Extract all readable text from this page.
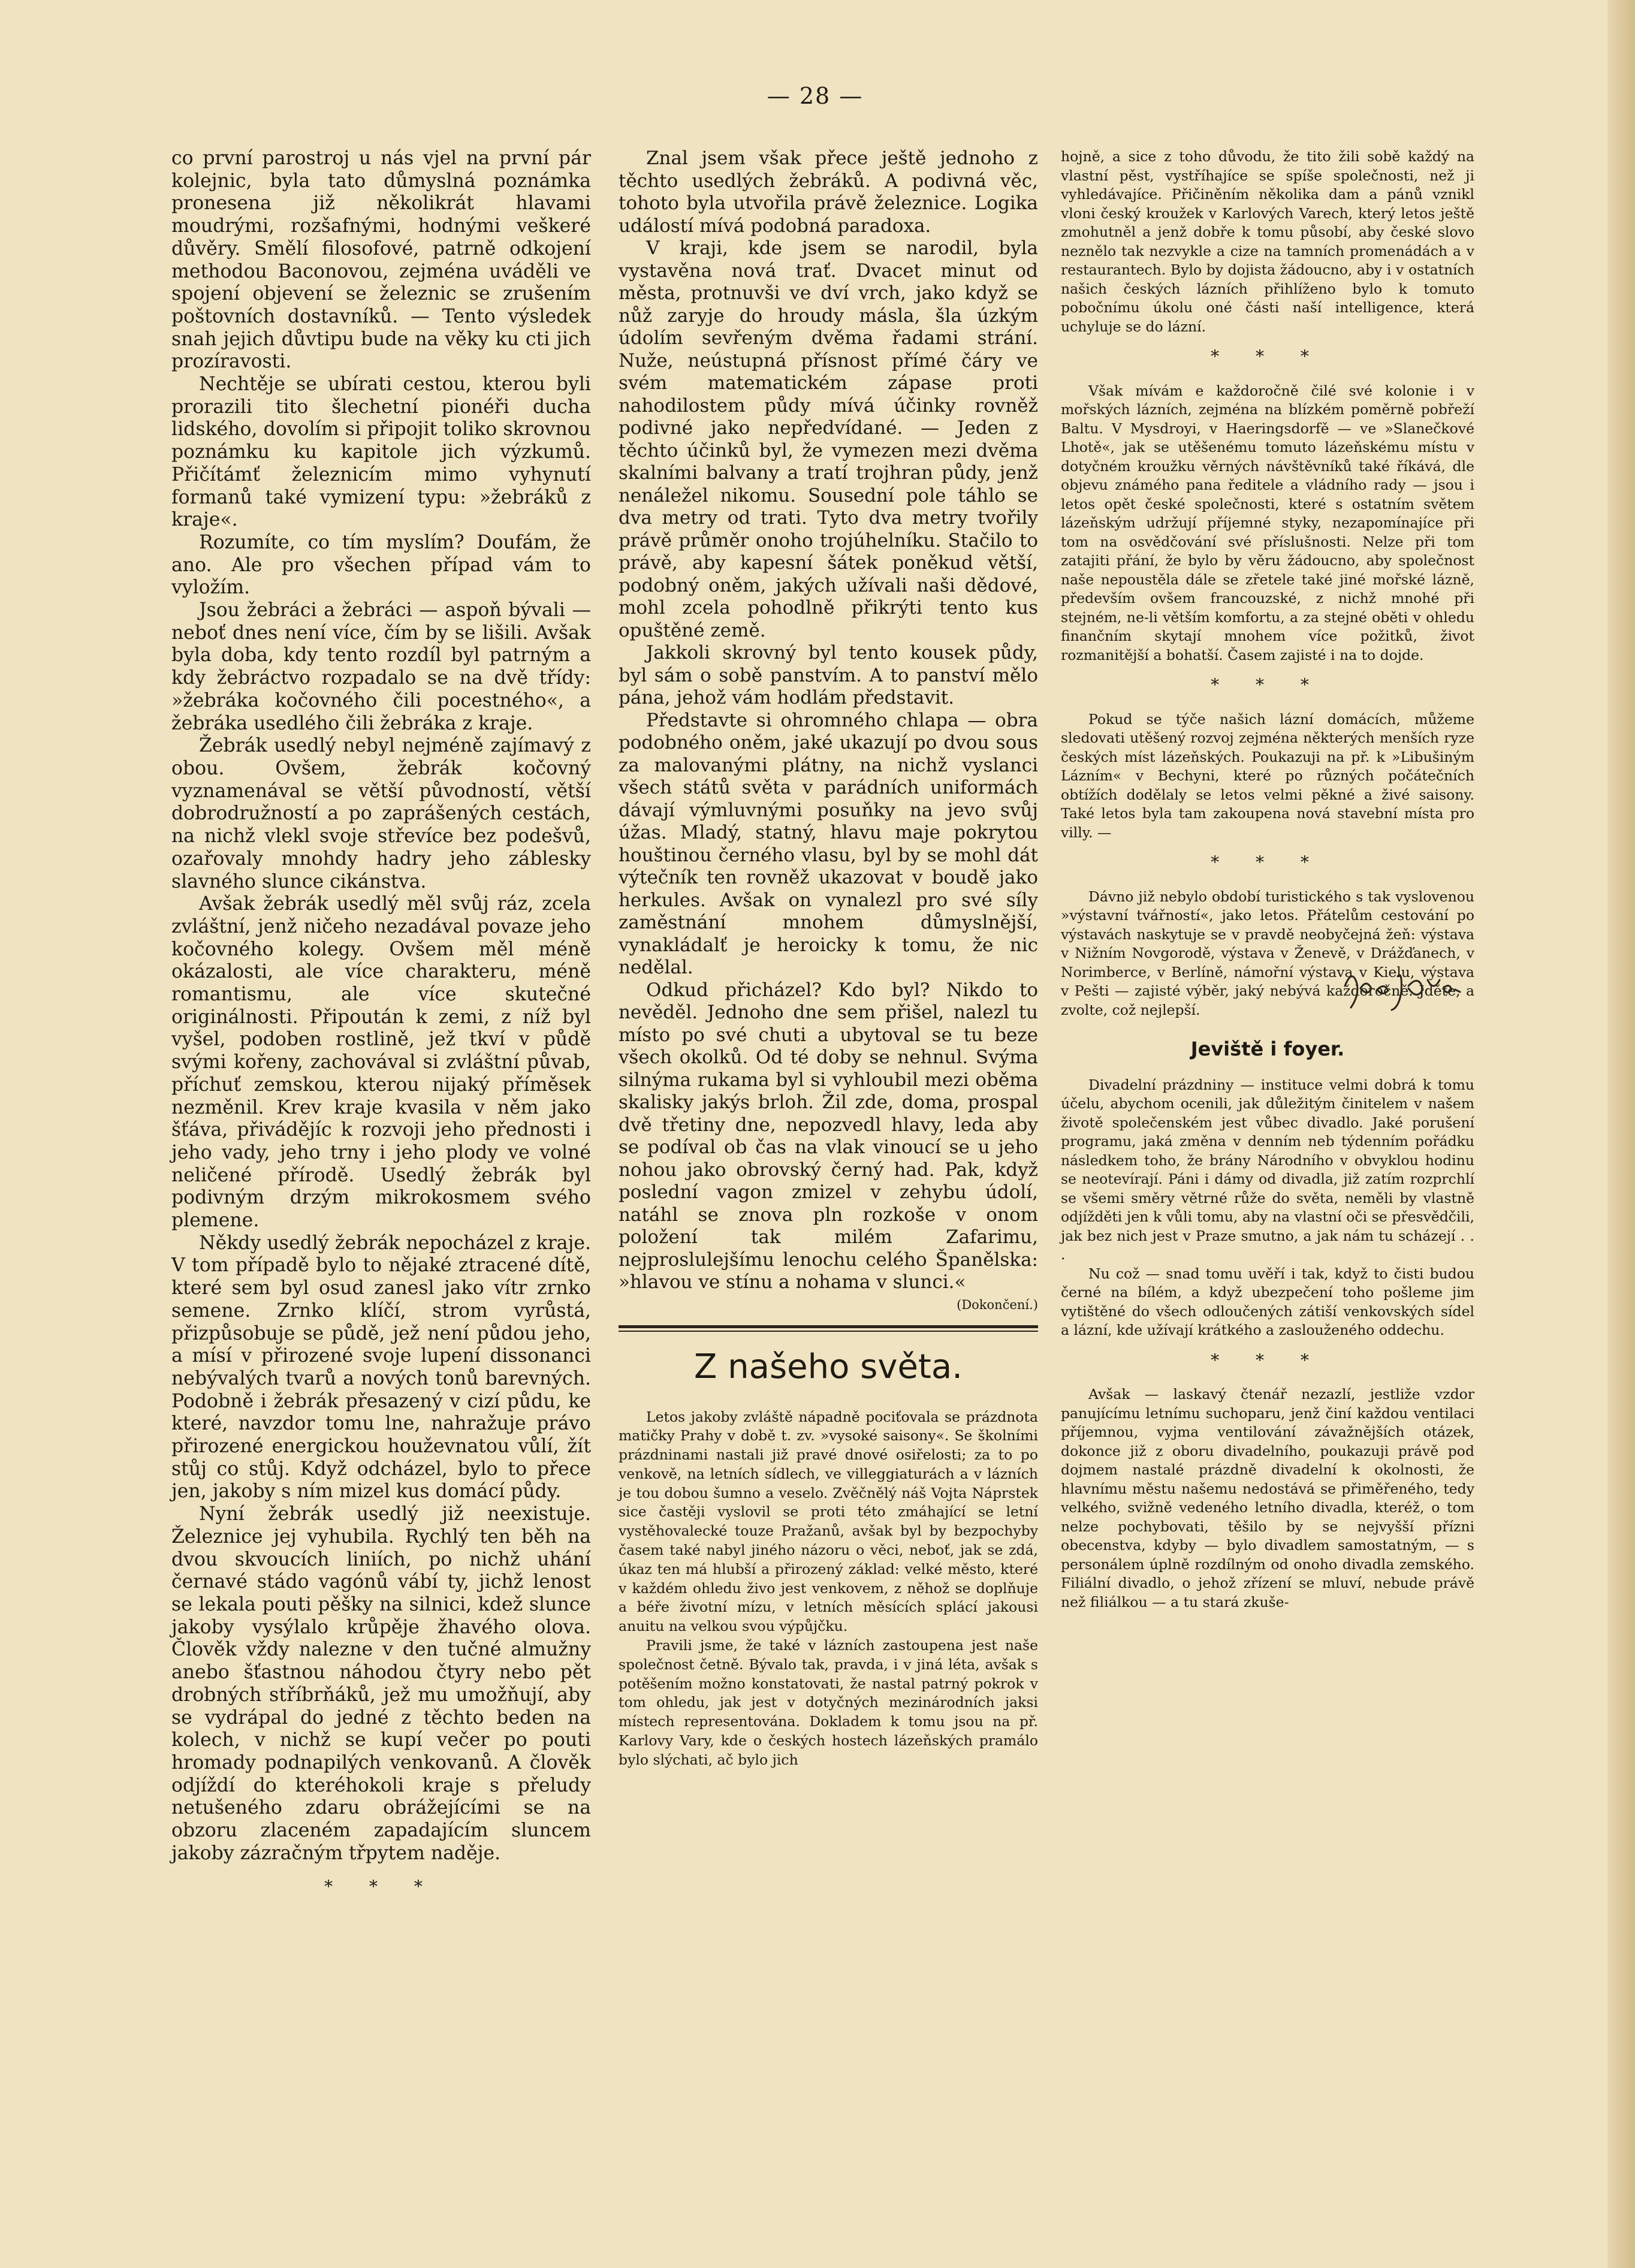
— 28 —

co první parostroj u nás vjel na první pár kolejnic, byla tato důmyslná poznámka pronesena již několikrát hlavami moudrými, rozšafnými, hodnými veškeré důvěry. Smělí filosofové, patrně odkojení methodou Baconovou, zejména uváděli ve spojení objevení se železnic se zrušením poštovních dostavníků. — Tento výsledek snah jejich důvtipu bude na věky ku cti jich prozíravosti.

Nechtěje se ubírati cestou, kterou byli prorazili tito šlechetní pionéři ducha lidského, dovolím si připojit toliko skrovnou poznámku ku kapitole jich výzkumů. Přičítámť železnicím mimo vyhynutí formanů také vymizení typu: »žebráků z kraje«.

Rozumíte, co tím myslím? Doufám, že ano. Ale pro všechen případ vám to vyložím.

Jsou žebráci a žebráci — aspoň bývali — neboť dnes není více, čím by se lišili. Avšak byla doba, kdy tento rozdíl byl patrným a kdy žebráctvo rozpadalo se na dvě třídy: »žebráka kočovného čili pocestného«, a žebráka usedlého čili žebráka z kraje.

Žebrák usedlý nebyl nejméně zajímavý z obou. Ovšem, žebrák kočovný vyznamenával se větší původností, větší dobrodružností a po zaprášených cestách, na nichž vlekl svoje střevíce bez podešvů, ozařovaly mnohdy hadry jeho záblesky slavného slunce cikánstva.

Avšak žebrák usedlý měl svůj ráz, zcela zvláštní, jenž ničeho nezadával povaze jeho kočovného kolegy. Ovšem měl méně okázalosti, ale více charakteru, méně romantismu, ale více skutečné originálnosti. Připoután k zemi, z níž byl vyšel, podoben rostlině, jež tkví v půdě svými kořeny, zachovával si zvláštní půvab, příchuť zemskou, kterou nijaký příměsek nezměnil. Krev kraje kvasila v něm jako šťáva, přivádějíc k rozvoji jeho přednosti i jeho vady, jeho trny i jeho plody ve volné neličené přírodě. Usedlý žebrák byl podivným drzým mikrokosmem svého plemene.

Někdy usedlý žebrák nepocházel z kraje. V tom případě bylo to nějaké ztracené dítě, které sem byl osud zanesl jako vítr zrnko semene. Zrnko klíčí, strom vyrůstá, přizpůsobuje se půdě, jež není půdou jeho, a mísí v přirozené svoje lupení dissonanci nebývalých tvarů a nových tonů barevných. Podobně i žebrák přesazený v cizí půdu, ke které, navzdor tomu lne, nahražuje právo přirozené energickou houževnatou vůlí, žít stůj co stůj. Když odcházel, bylo to přece jen, jakoby s ním mizel kus domácí půdy.

Nyní žebrák usedlý již neexistuje. Železnice jej vyhubila. Rychlý ten běh na dvou skvoucích liniích, po nichž uhání černavé stádo vagónů vábí ty, jichž lenost se lekala pouti pěšky na silnici, kdež slunce jakoby vysýlalo krůpěje žhavého olova. Člověk vždy nalezne v den tučné almužny anebo šťastnou náhodou čtyry nebo pět drobných stříbrňáků, jež mu umožňují, aby se vydrápal do jedné z těchto beden na kolech, v nichž se kupí večer po pouti hromady podnapilých venkovanů. A člověk odjíždí do kteréhokoli kraje s přeludy netušeného zdaru obrážejícími se na obzoru zlaceném zapadajícím sluncem jakoby zázračným třpytem naděje.

* * *

Znal jsem však přece ještě jednoho z těchto usedlých žebráků. A podivná věc, tohoto byla utvořila právě železnice. Logika událostí mívá podobná paradoxa.

V kraji, kde jsem se narodil, byla vystavěna nová trať. Dvacet minut od města, protnuvši ve dví vrch, jako když se nůž zaryje do hroudy másla, šla úzkým údolím sevřeným dvěma řadami strání. Nuže, neústupná přísnost přímé čáry ve svém matematickém zápase proti nahodilostem půdy mívá účinky rovněž podivné jako nepředvídané. — Jeden z těchto účinků byl, že vymezen mezi dvěma skalními balvany a tratí trojhran půdy, jenž nenáležel nikomu. Sousední pole táhlo se dva metry od trati. Tyto dva metry tvořily právě průměr onoho trojúhelníku. Stačilo to právě, aby kapesní šátek poněkud větší, podobný oněm, jakých užívali naši dědové, mohl zcela pohodlně přikrýti tento kus opuštěné země.

Jakkoli skrovný byl tento kousek půdy, byl sám o sobě panstvím. A to panství mělo pána, jehož vám hodlám představit.

Představte si ohromného chlapa — obra podobného oněm, jaké ukazují po dvou sous za malovanými plátny, na nichž vyslanci všech států světa v parádních uniformách dávají výmluvnými posuňky na jevo svůj úžas. Mladý, statný, hlavu maje pokrytou houštinou černého vlasu, byl by se mohl dát výtečník ten rovněž ukazovat v boudě jako herkules. Avšak on vynalezl pro své síly zaměstnání mnohem důmyslnější, vynakládalť je heroicky k tomu, že nic nedělal.

Odkud přicházel? Kdo byl? Nikdo to nevěděl. Jednoho dne sem přišel, nalezl tu místo po své chuti a ubytoval se tu beze všech okolků. Od té doby se nehnul. Svýma silnýma rukama byl si vyhloubil mezi oběma skalisky jakýs brloh. Žil zde, doma, prospal dvě třetiny dne, nepozvedl hlavy, leda aby se podíval ob čas na vlak vinoucí se u jeho nohou jako obrovský černý had. Pak, když poslední vagon zmizel v zehybu údolí, natáhl se znova pln rozkoše v onom položení tak milém Zafarimu, nejproslulejšímu lenochu celého Španělska: »hlavou ve stínu a nohama v slunci.«

(Dokončení.)
Z našeho světa.

Letos jakoby zvláště nápadně pociťovala se prázdnota matičky Prahy v době t. zv. »vysoké saisony«. Se školními prázdninami nastali již pravé dnové osiřelosti; za to po venkově, na letních sídlech, ve villeggiaturách a v lázních je tou dobou šumno a veselo. Zvěčnělý náš Vojta Náprstek sice častěji vyslovil se proti této zmáhající se letní vystěhovalecké touze Pražanů, avšak byl by bezpochyby časem také nabyl jiného názoru o věci, neboť, jak se zdá, úkaz ten má hlubší a přirozený základ: velké město, které v každém ohledu živo jest venkovem, z něhož se doplňuje a béře životní mízu, v letních měsících splácí jakousi anuitu na velkou svou výpůjčku.

Pravili jsme, že také v lázních zastoupena jest naše společnost četně. Bývalo tak, pravda, i v jiná léta, avšak s potěšením možno konstatovati, že nastal patrný pokrok v tom ohledu, jak jest v dotyčných mezinárodních jaksi místech representována. Dokladem k tomu jsou na př. Karlovy Vary, kde o českých hostech lázeňských pramálo bylo slýchati, ač bylo jich

hojně, a sice z toho důvodu, že tito žili sobě každý na vlastní pěst, vystříhajíce se spíše společnosti, než ji vyhledávajíce. Přičiněním několika dam a pánů vznikl vloni český kroužek v Karlových Varech, který letos ještě zmohutněl a jenž dobře k tomu působí, aby české slovo neznělo tak nezvykle a cize na tamních promenádách a v restaurantech. Bylo by dojista žádoucno, aby i v ostatních našich českých lázních přihlíženo bylo k tomuto pobočnímu úkolu oné části naší intelligence, která uchyluje se do lázní.

* * *

Však mívám e každoročně čilé své kolonie i v mořských lázních, zejména na blízkém poměrně pobřeží Baltu. V Mysdroyi, v Haeringsdorfě — ve »Slanečkové Lhotě«, jak se utěšenému tomuto lázeňskému místu v dotyčném kroužku věrných návštěvníků také říkává, dle objevu známého pana ředitele a vládního rady — jsou i letos opět české společnosti, které s ostatním světem lázeňským udržují příjemné styky, nezapomínajíce při tom na osvědčování své příslušnosti. Nelze při tom zatajiti přání, že bylo by věru žádoucno, aby společnost naše nepoustěla dále se zřetele také jiné mořské lázně, především ovšem francouzské, z nichž mnohé při stejném, ne-li větším komfortu, a za stejné oběti v ohledu finančním skytají mnohem více požitků, život rozmanitější a bohatší. Časem zajisté i na to dojde.

* * *

Pokud se týče našich lázní domácích, můžeme sledovati utěšený rozvoj zejména některých menších ryze českých míst lázeňských. Poukazuji na př. k »Libušiným Lázním« v Bechyni, které po různých počátečních obtížích dodělaly se letos velmi pěkné a živé saisony. Také letos byla tam zakoupena nová stavební místa pro villy. —

* * *

Dávno již nebylo období turistického s tak vyslovenou »výstavní tvářností«, jako letos. Přátelům cestování po výstavách naskytuje se v pravdě neobyčejná žeň: výstava v Nižním Novgorodě, výstava v Ženevě, v Drážďanech, v Norimberce, v Berlíně, námořní výstava v Kielu, výstava v Pešti — zajisté výběr, jaký nebývá každoročně. Jděte, a zvolte, což nejlepší.

Jeviště i foyer.

Divadelní prázdniny — instituce velmi dobrá k tomu účelu, abychom ocenili, jak důležitým činitelem v našem životě společenském jest vůbec divadlo. Jaké porušení programu, jaká změna v denním neb týdenním pořádku následkem toho, že brány Národního v obvyklou hodinu se neotevírají. Páni i dámy od divadla, již zatím rozprchlí se všemi směry větrné růže do světa, neměli by vlastně odjížděti jen k vůli tomu, aby na vlastní oči se přesvědčili, jak bez nich jest v Praze smutno, a jak nám tu scházejí . . .

Nu což — snad tomu uvěří i tak, když to čisti budou černé na bílém, a když ubezpečení toho pošleme jim vytištěné do všech odloučených zátiší venkovských sídel a lázní, kde užívají krátkého a zaslouženého oddechu.

* * *

Avšak — laskavý čtenář nezazlí, jestliže vzdor panujícímu letnímu suchoparu, jenž činí každou ventilaci příjemnou, vyjma ventilování závažnějších otázek, dokonce již z oboru divadelního, poukazuji právě pod dojmem nastalé prázdně divadelní k okolnosti, že hlavnímu městu našemu nedostává se přiměřeného, tedy velkého, svižně vedeného letního divadla, kteréž, o tom nelze pochybovati, těšilo by se nejvyšší přízni obecenstva, kdyby — bylo divadlem samostatným, — s personálem úplně rozdílným od onoho divadla zemského. Filiální divadlo, o jehož zřízení se mluví, nebude právě než filiálkou — a tu stará zkuše-
